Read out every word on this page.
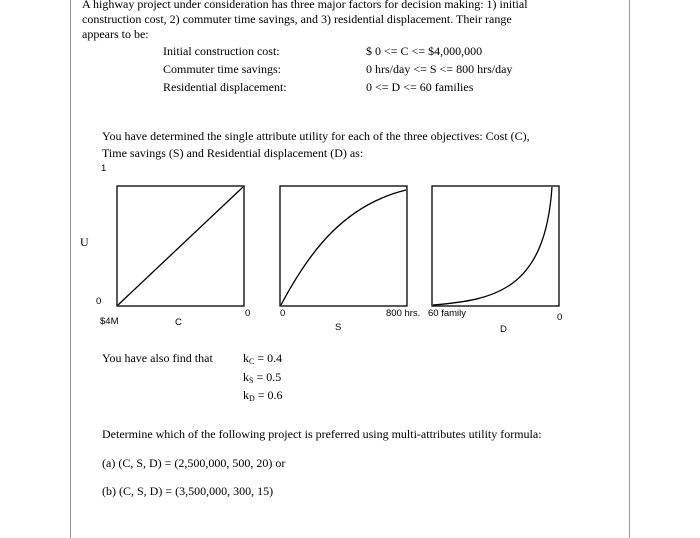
A highway project under consideration has three major factors for decision making: 1) initial
construction cost, 2) commuter time savings, and 3) residential displacement. Their range
appears to be:
Initial construction cost:	$ 0 <= C <= $4,000,000
Commuter time savings:	0 hrs/day <= S <= 800 hrs/day
Residential displacement:	0 <= D <= 60 families
You have determined the single attribute utility for each of the three objectives: Cost (C),
Time savings (S) and Residential displacement (D) as:
1
U
0
$4M
0
C
0	800 hrs.
S
60 family	0
D
You have also find that	$k_C = 0.4$
$k_S = 0.5$
$k_D = 0.6$
Determine which of the following project is preferred using multi-attributes utility formula:
(a) (C, S, D) = (2,500,000, 500, 20) or
(b) (C, S, D) = (3,500,000, 300, 15)
